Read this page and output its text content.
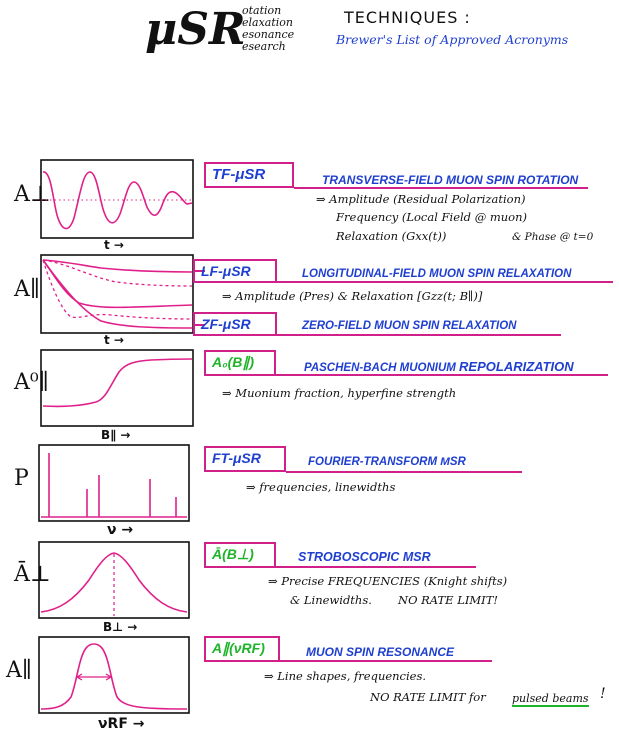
μSR
otation
elaxation
esonance
esearch
TECHNIQUES :
Brewer's List of Approved Acronyms
A⊥
t →
TF-μSR	TRANSVERSE-FIELD MUON SPIN ROTATION
⇒ Amplitude (Residual Polarization)
Frequency (Local Field @ muon)
Relaxation (Gxx(t))	& Phase @ t=0
A∥
t →
LF-μSR	LONGITUDINAL-FIELD MUON SPIN RELAXATION
⇒ Amplitude (Pres) & Relaxation [Gzz(t; B∥)]
ZF-μSR	ZERO-FIELD MUON SPIN RELAXATION
A⁰∥
B∥ →
A₀(B∥)	PASCHEN-BACH MUONIUM REPOLARIZATION
⇒ Muonium fraction, hyperfine strength
P
ν →
FT-μSR	FOURIER-TRANSFORM ΜSR
⇒ frequencies, linewidths
Ā⊥
B⊥ →
Ā(B⊥)	STROBOSCOPIC ΜSR
⇒ Precise FREQUENCIES (Knight shifts)
& Linewidths. NO RATE LIMIT!
A∥
νRF →
A∥(νRF)	MUON SPIN RESONANCE
⇒ Line shapes, frequencies.
NO RATE LIMIT for pulsed beams !
